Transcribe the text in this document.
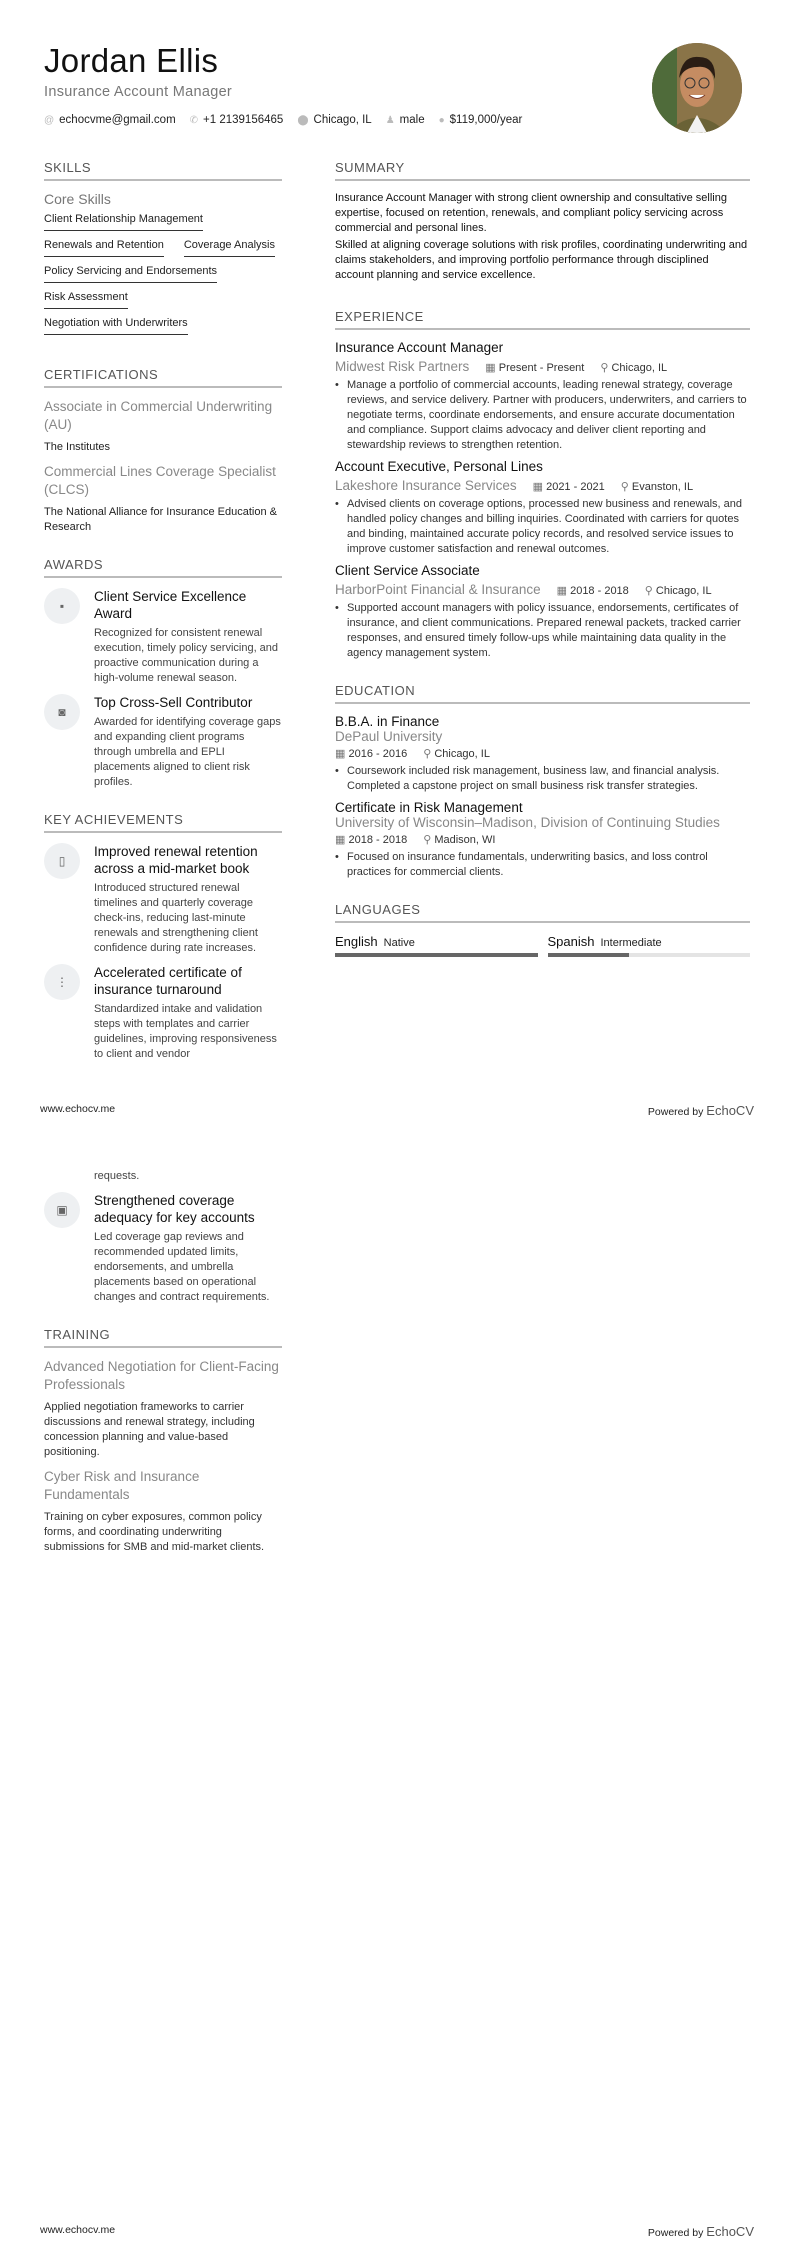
Jordan Ellis
Insurance Account Manager
@ echocvme@gmail.com ✆ +1 2139156465 ⬤ Chicago, IL ♟ male ● $119,000/year
SKILLS
Core Skills
Client Relationship Management
Renewals and Retention Coverage Analysis
Policy Servicing and Endorsements
Risk Assessment
Negotiation with Underwriters
CERTIFICATIONS
Associate in Commercial Underwriting (AU)
The Institutes
Commercial Lines Coverage Specialist (CLCS)
The National Alliance for Insurance Education & Research
AWARDS
▪
Client Service Excellence Award
Recognized for consistent renewal execution, timely policy servicing, and proactive communication during a high-volume renewal season.
◙
Top Cross-Sell Contributor
Awarded for identifying coverage gaps and expanding client programs through umbrella and EPLI placements aligned to client risk profiles.
KEY ACHIEVEMENTS
▯
Improved renewal retention across a mid-market book
Introduced structured renewal timelines and quarterly coverage check-ins, reducing last-minute renewals and strengthening client confidence during rate increases.
⋮
Accelerated certificate of insurance turnaround
Standardized intake and validation steps with templates and carrier guidelines, improving responsiveness to client and vendor
SUMMARY

Insurance Account Manager with strong client ownership and consultative selling expertise, focused on retention, renewals, and compliant policy servicing across commercial and personal lines.

Skilled at aligning coverage solutions with risk profiles, coordinating underwriting and claims stakeholders, and improving portfolio performance through disciplined account planning and service excellence.

EXPERIENCE
Insurance Account Manager
Midwest Risk Partners ▦ Present - Present ⚲ Chicago, IL
• Manage a portfolio of commercial accounts, leading renewal strategy, coverage reviews, and service delivery. Partner with producers, underwriters, and carriers to negotiate terms, coordinate endorsements, and ensure accurate documentation and compliance. Support claims advocacy and deliver client reporting and stewardship reviews to strengthen retention.
Account Executive, Personal Lines
Lakeshore Insurance Services ▦ 2021 - 2021 ⚲ Evanston, IL
• Advised clients on coverage options, processed new business and renewals, and handled policy changes and billing inquiries. Coordinated with carriers for quotes and binding, maintained accurate policy records, and resolved service issues to improve customer satisfaction and renewal outcomes.
Client Service Associate
HarborPoint Financial & Insurance ▦ 2018 - 2018 ⚲ Chicago, IL
• Supported account managers with policy issuance, endorsements, certificates of insurance, and client communications. Prepared renewal packets, tracked carrier responses, and ensured timely follow-ups while maintaining data quality in the agency management system.
EDUCATION
B.B.A. in Finance
DePaul University
▦ 2016 - 2016 ⚲ Chicago, IL
• Coursework included risk management, business law, and financial analysis. Completed a capstone project on small business risk transfer strategies.
Certificate in Risk Management
University of Wisconsin–Madison, Division of Continuing Studies
▦ 2018 - 2018 ⚲ Madison, WI
• Focused on insurance fundamentals, underwriting basics, and loss control practices for commercial clients.
LANGUAGES
English Native	Spanish Intermediate
www.echocv.me	Powered by EchoCV
requests.
▣
Strengthened coverage adequacy for key accounts
Led coverage gap reviews and recommended updated limits, endorsements, and umbrella placements based on operational changes and contract requirements.
TRAINING
Advanced Negotiation for Client-Facing Professionals
Applied negotiation frameworks to carrier discussions and renewal strategy, including concession planning and value-based positioning.
Cyber Risk and Insurance Fundamentals
Training on cyber exposures, common policy forms, and coordinating underwriting submissions for SMB and mid-market clients.
www.echocv.me	Powered by EchoCV
